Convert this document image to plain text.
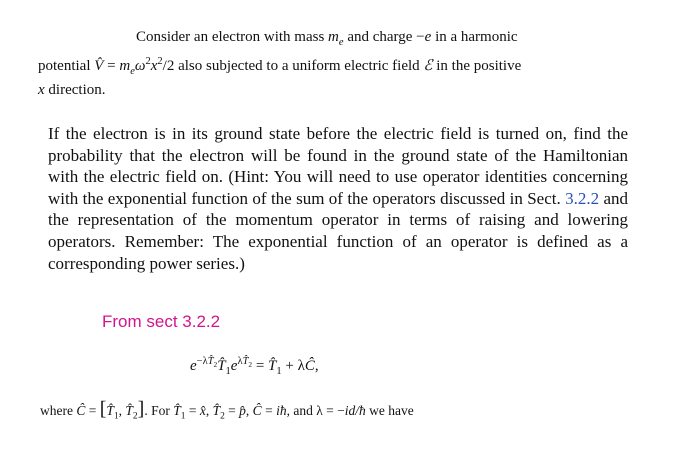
Consider an electron with mass $m_e$ and charge −e in a harmonic
potential V̂ = $m_e\omega^2x^2/2$ also subjected to a uniform electric field ℰ in the positive
x direction.
If the electron is in its ground state before the electric field is turned on, find the probability that the electron will be found in the ground state of the Hamiltonian with the electric field on. (Hint: You will need to use operator identities concerning with the exponential function of the sum of the operators discussed in Sect. 3.2.2 and the representation of the momentum operator in terms of raising and lowering operators. Remember: The exponential function of an operator is defined as a corresponding power series.)
From sect 3.2.2
$e^{-\lambda T̂_2}T̂_1e^{\lambda T̂_2}$ = $T̂_1$ + λĈ,
where Ĉ = [$T̂_1$, $T̂_2$]. For $T̂_1$ = x̂, $T̂_2$ = p̂, Ĉ = iħ, and λ = −id/ħ we have
